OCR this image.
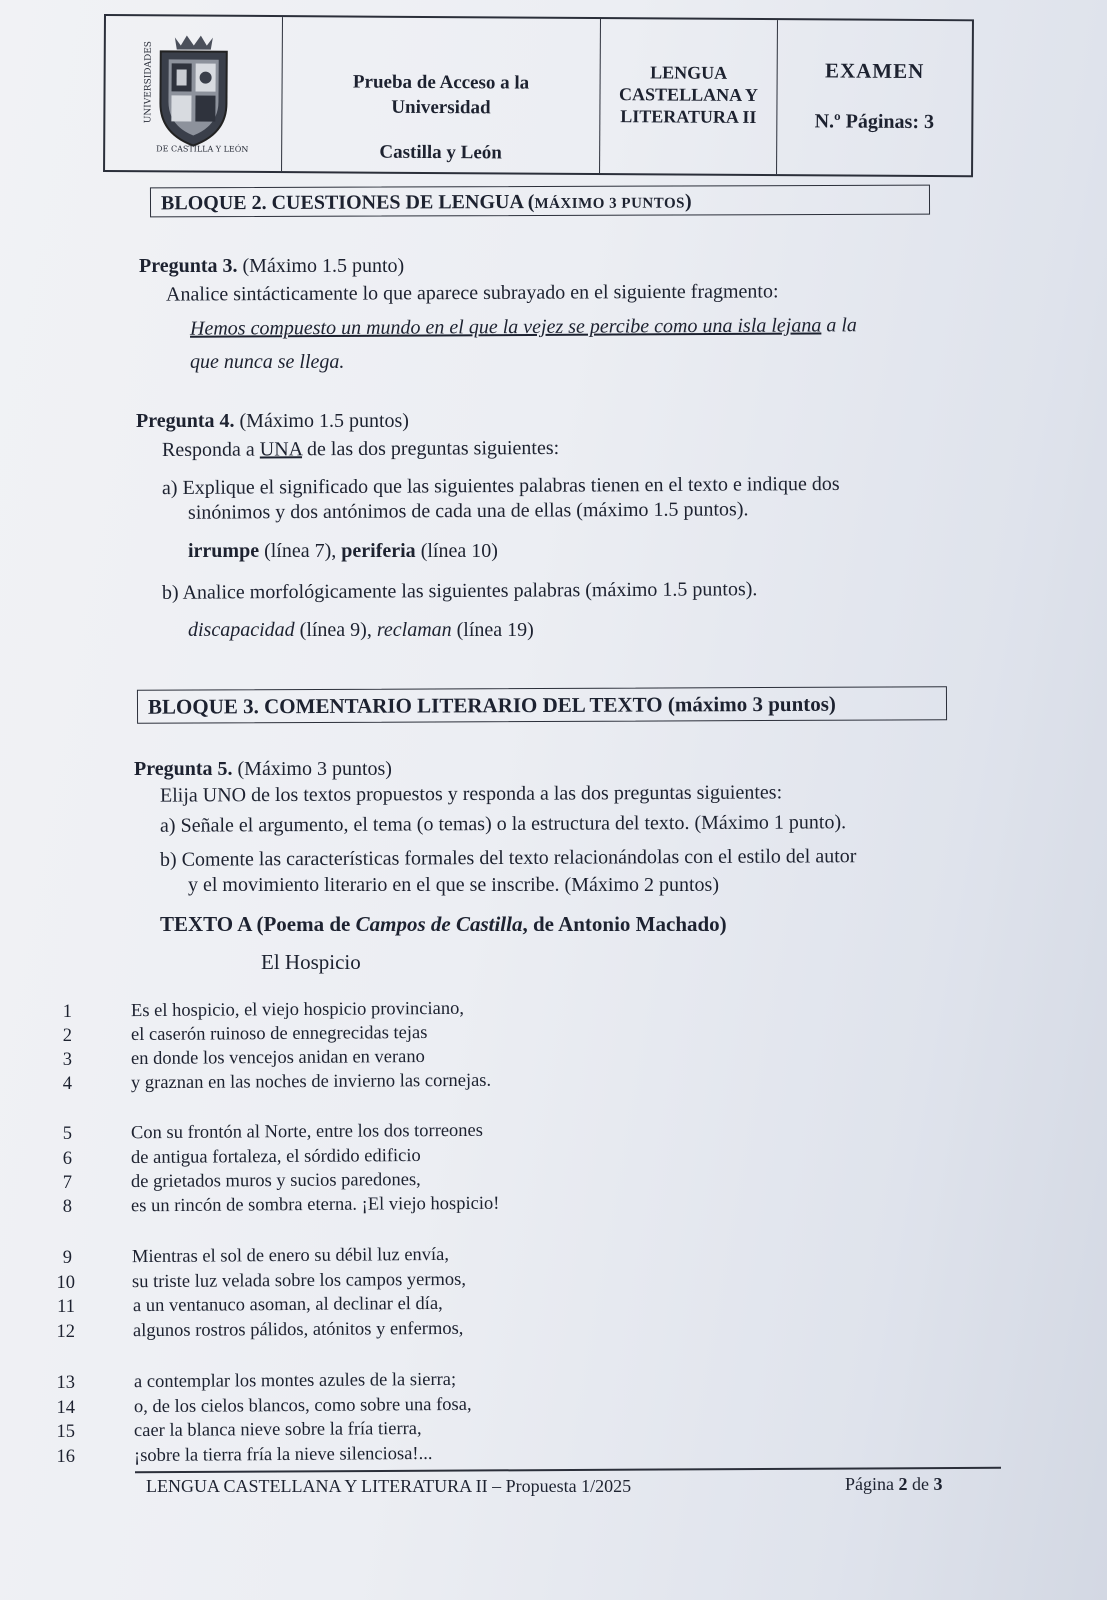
UNIVERSIDADES
DE CASTILLA Y LEÓN
Prueba de Acceso a la Universidad
Castilla y León
LENGUA CASTELLANA Y LITERATURA II
EXAMEN
N.º Páginas: 3
BLOQUE 2. CUESTIONES DE LENGUA (MÁXIMO 3 PUNTOS)
Pregunta 3. (Máximo 1.5 punto)
Analice sintácticamente lo que aparece subrayado en el siguiente fragmento:
Hemos compuesto un mundo en el que la vejez se percibe como una isla lejana a la
que nunca se llega.
Pregunta 4. (Máximo 1.5 puntos)
Responda a UNA de las dos preguntas siguientes:
a) Explique el significado que las siguientes palabras tienen en el texto e indique dos
sinónimos y dos antónimos de cada una de ellas (máximo 1.5 puntos).
irrumpe (línea 7), periferia (línea 10)
b) Analice morfológicamente las siguientes palabras (máximo 1.5 puntos).
discapacidad (línea 9), reclaman (línea 19)
BLOQUE 3. COMENTARIO LITERARIO DEL TEXTO (máximo 3 puntos)
Pregunta 5. (Máximo 3 puntos)
Elija UNO de los textos propuestos y responda a las dos preguntas siguientes:
a) Señale el argumento, el tema (o temas) o la estructura del texto. (Máximo 1 punto).
b) Comente las características formales del texto relacionándolas con el estilo del autor
y el movimiento literario en el que se inscribe. (Máximo 2 puntos)
TEXTO A (Poema de Campos de Castilla, de Antonio Machado)
El Hospicio
1	Es el hospicio, el viejo hospicio provinciano,
2	el caserón ruinoso de ennegrecidas tejas
3	en donde los vencejos anidan en verano
4	y graznan en las noches de invierno las cornejas.
5	Con su frontón al Norte, entre los dos torreones
6	de antigua fortaleza, el sórdido edificio
7	de grietados muros y sucios paredones,
8	es un rincón de sombra eterna. ¡El viejo hospicio!
9	Mientras el sol de enero su débil luz envía,
10	su triste luz velada sobre los campos yermos,
11	a un ventanuco asoman, al declinar el día,
12	algunos rostros pálidos, atónitos y enfermos,
13	a contemplar los montes azules de la sierra;
14	o, de los cielos blancos, como sobre una fosa,
15	caer la blanca nieve sobre la fría tierra,
16	¡sobre la tierra fría la nieve silenciosa!...
LENGUA CASTELLANA Y LITERATURA II – Propuesta 1/2025	Página 2 de 3
